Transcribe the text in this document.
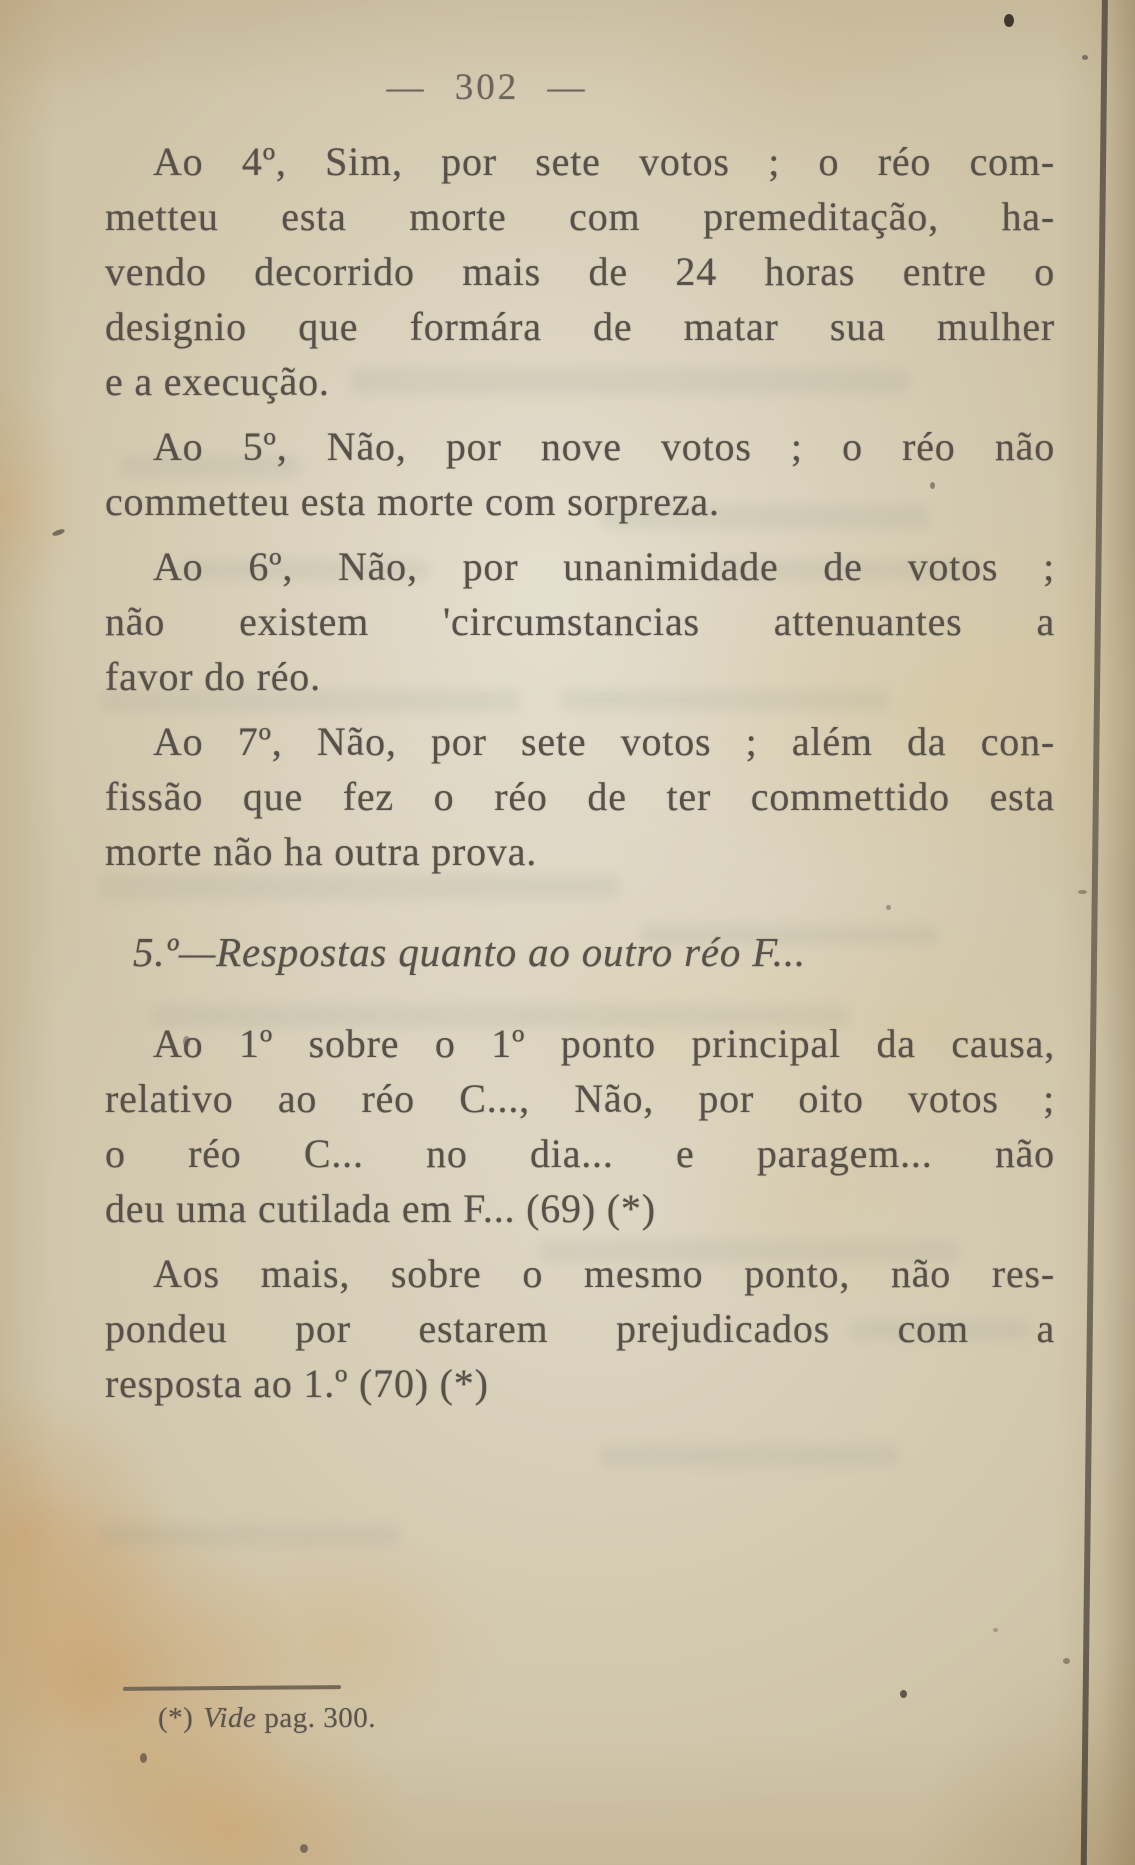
— 302 —
Ao 4º, Sim, por sete votos ; o réo com-
metteu esta morte com premeditação, ha-
vendo decorrido mais de 24 horas entre o
designio que formára de matar sua mulher
e a execução.
Ao 5º, Não, por nove votos ; o réo não
commetteu esta morte com sorpreza.
Ao 6º, Não, por unanimidade de votos ;
não existem 'circumstancias attenuantes a
favor do réo.
Ao 7º, Não, por sete votos ; além da con-
fissão que fez o réo de ter commettido esta
morte não ha outra prova.
5.º—Respostas quanto ao outro réo F...
Ao 1º sobre o 1º ponto principal da causa,
relativo ao réo C..., Não, por oito votos ;
o réo C... no dia... e paragem... não
deu uma cutilada em F... (69) (*)
Aos mais, sobre o mesmo ponto, não res-
pondeu por estarem prejudicados com a
resposta ao 1.º (70) (*)
(*) Vide pag. 300.
